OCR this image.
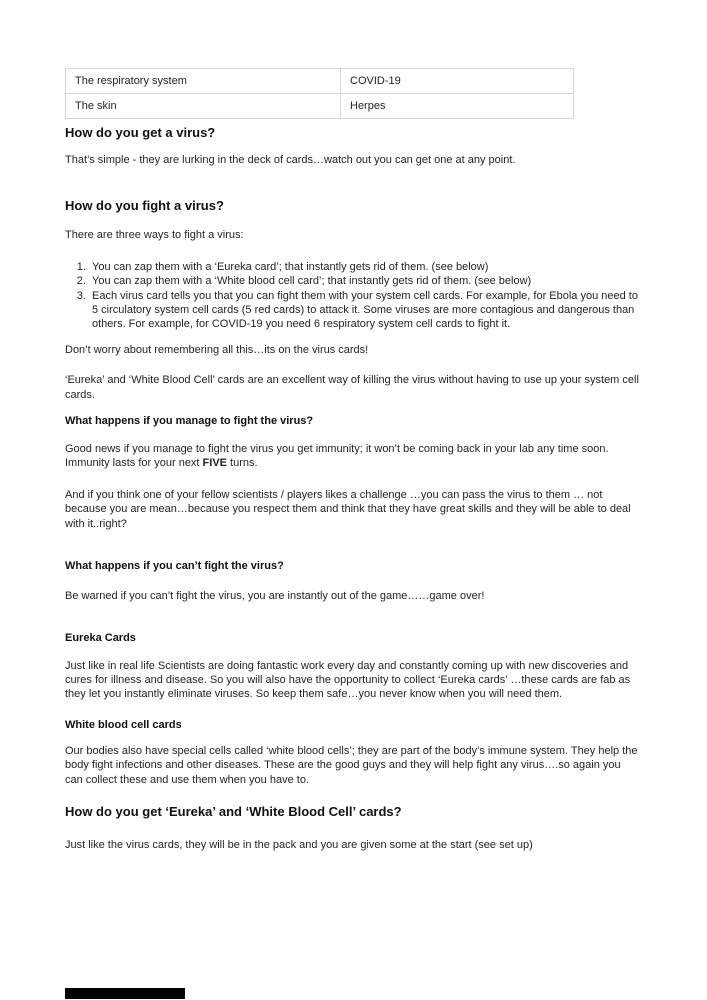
The respiratory system	COVID-19
The skin	Herpes
How do you get a virus?

That’s simple - they are lurking in the deck of cards…watch out you can get one at any point.

How do you fight a virus?

There are three ways to fight a virus:

1. You can zap them with a ‘Eureka card’; that instantly gets rid of them. (see below)
2. You can zap them with a ‘White blood cell card’; that instantly gets rid of them. (see below)
3. Each virus card tells you that you can fight them with your system cell cards. For example, for Ebola you need to 5 circulatory system cell cards (5 red cards) to attack it. Some viruses are more contagious and dangerous than others. For example, for COVID-19 you need 6 respiratory system cell cards to fight it.

Don’t worry about remembering all this…its on the virus cards!

‘Eureka’ and ‘White Blood Cell’ cards are an excellent way of killing the virus without having to use up your system cell cards.

What happens if you manage to fight the virus?

Good news if you manage to fight the virus you get immunity; it won’t be coming back in your lab any time soon. Immunity lasts for your next FIVE turns.

And if you think one of your fellow scientists / players likes a challenge …you can pass the virus to them … not because you are mean…because you respect them and think that they have great skills and they will be able to deal with it..right?

What happens if you can’t fight the virus?

Be warned if you can’t fight the virus, you are instantly out of the game……game over!

Eureka Cards

Just like in real life Scientists are doing fantastic work every day and constantly coming up with new discoveries and cures for illness and disease. So you will also have the opportunity to collect ‘Eureka cards’ …these cards are fab as they let you instantly eliminate viruses. So keep them safe…you never know when you will need them.

White blood cell cards

Our bodies also have special cells called ‘white blood cells’; they are part of the body’s immune system. They help the body fight infections and other diseases. These are the good guys and they will help fight any virus….so again you can collect these and use them when you have to.

How do you get ‘Eureka’ and ‘White Blood Cell’ cards?

Just like the virus cards, they will be in the pack and you are given some at the start (see set up)
